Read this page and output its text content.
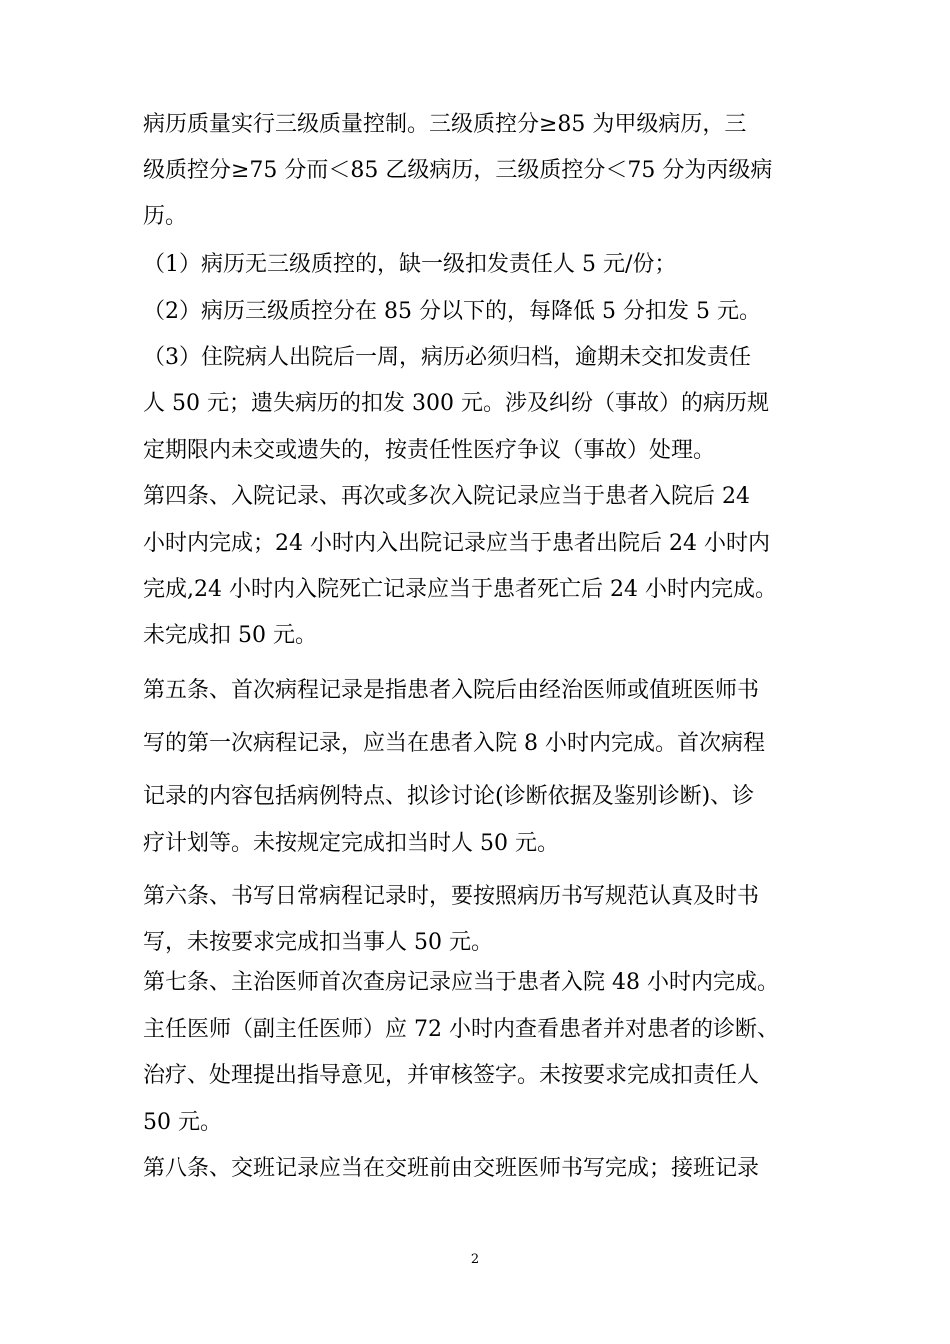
病历质量实行三级质量控制。三级质控分≥85 为甲级病历，三
级质控分≥75 分而＜85 乙级病历，三级质控分＜75 分为丙级病
历。
（1）病历无三级质控的，缺一级扣发责任人 5 元/份；
（2）病历三级质控分在 85 分以下的，每降低 5 分扣发 5 元。
（3）住院病人出院后一周，病历必须归档，逾期未交扣发责任
人 50 元；遗失病历的扣发 300 元。涉及纠纷（事故）的病历规
定期限内未交或遗失的，按责任性医疗争议（事故）处理。
第四条、入院记录、再次或多次入院记录应当于患者入院后 24
小时内完成；24 小时内入出院记录应当于患者出院后 24 小时内
完成,24 小时内入院死亡记录应当于患者死亡后 24 小时内完成。
未完成扣 50 元。
第五条、首次病程记录是指患者入院后由经治医师或值班医师书
写的第一次病程记录，应当在患者入院 8 小时内完成。首次病程
记录的内容包括病例特点、拟诊讨论(诊断依据及鉴别诊断)、诊
疗计划等。未按规定完成扣当时人 50 元。
第六条、书写日常病程记录时，要按照病历书写规范认真及时书
写，未按要求完成扣当事人 50 元。
第七条、主治医师首次查房记录应当于患者入院 48 小时内完成。
主任医师（副主任医师）应 72 小时内查看患者并对患者的诊断、
治疗、处理提出指导意见，并审核签字。未按要求完成扣责任人
50 元。
第八条、交班记录应当在交班前由交班医师书写完成；接班记录
2
